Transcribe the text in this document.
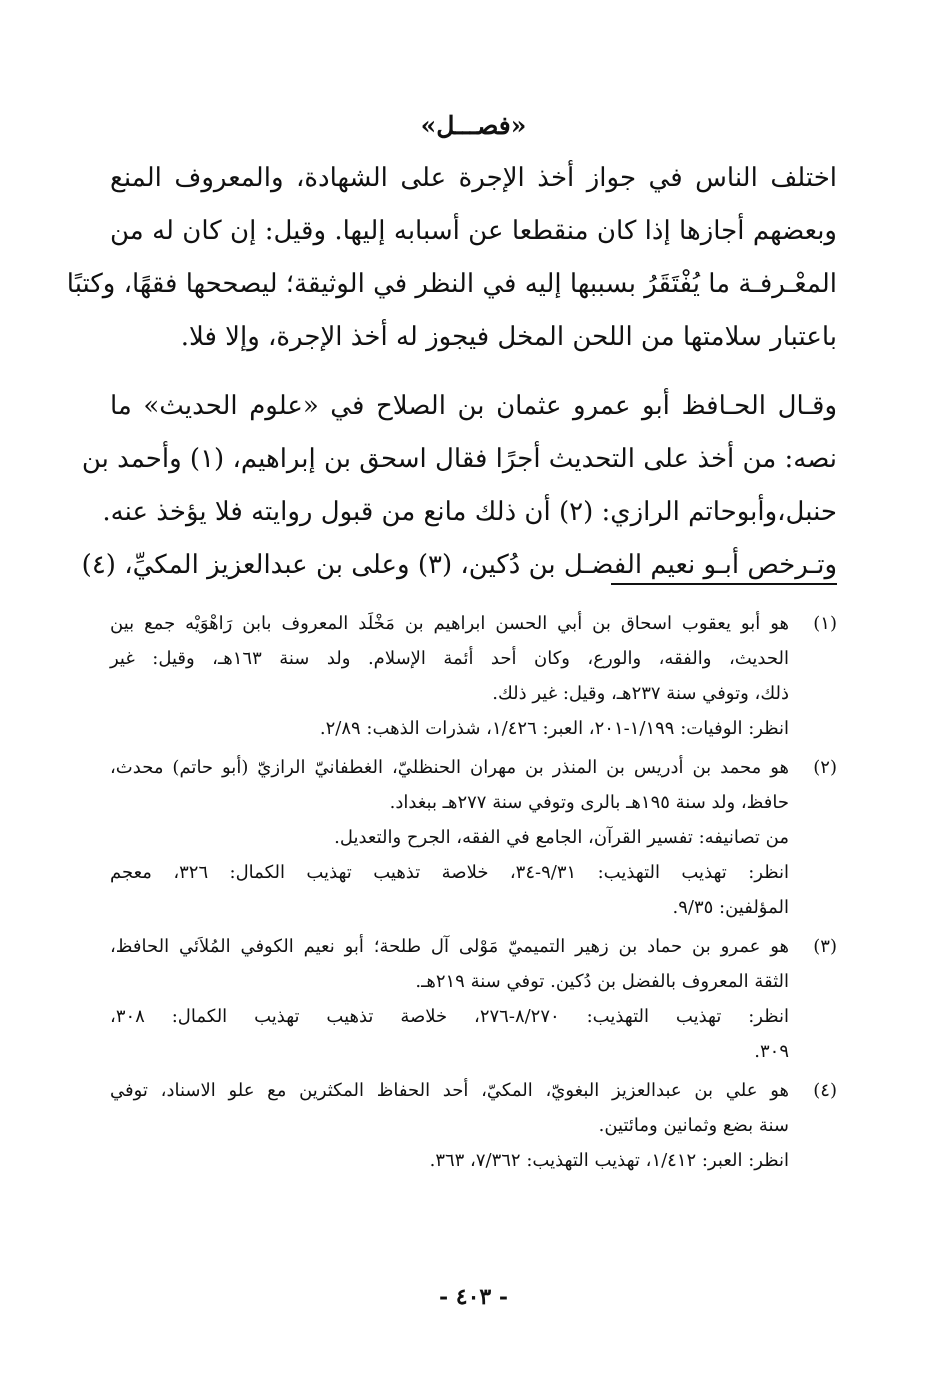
«فصـــل»
اختلف الناس في جواز أخذ الإجرة على الشهادة، والمعروف المنع
وبعضهم أجازها إذا كان منقطعا عن أسبابه إليها. وقيل: إن كان له من
المعْـرفـة ما يُفْتَقَرُ بسببها إليه في النظر في الوثيقة؛ ليصححها فقهًا، وكتبًا
باعتبار سلامتها من اللحن المخل فيجوز له أخذ الإجرة، وإلا فلا.
وقـال الحـافظ أبو عمرو عثمان بن الصلاح في «علوم الحديث» ما
نصه: من أخذ على التحديث أجرًا فقال اسحق بن إبراهيم، (١) وأحمد بن
حنبل،وأبوحاتم الرازي: (٢) أن ذلك مانع من قبول روايته فلا يؤخذ عنه.
وتـرخص أبـو نعيم الفضـل بن دُكين، (٣) وعلى بن عبدالعزيز المكيِّ، (٤)
(١)
هو أبو يعقوب اسحاق بن أبي الحسن ابراهيم بن مَخْلَد المعروف بابن رَاهْوَيْه جمع بين
الحديث، والفقه، والورع، وكان أحد أئمة الإسلام. ولد سنة ١٦٣هـ، وقيل: غير
ذلك، وتوفي سنة ٢٣٧هـ، وقيل: غير ذلك.
انظر: الوفيات: ١/١٩٩-٢٠١، العبر: ١/٤٢٦، شذرات الذهب: ٢/٨٩.
(٢)
هو محمد بن أدريس بن المنذر بن مهران الحنظليّ، الغطفانيّ الرازيّ (أبو حاتم) محدث،
حافظ، ولد سنة ١٩٥هـ بالرى وتوفي سنة ٢٧٧هـ ببغداد.
من تصانيفه: تفسير القرآن، الجامع في الفقه، الجرح والتعديل.
انظر: تهذيب التهذيب: ٩/٣١-٣٤، خلاصة تذهيب تهذيب الكمال: ٣٢٦، معجم
المؤلفين: ٩/٣٥.
(٣)
هو عمرو بن حماد بن زهير التميميّ مَوْلى آل طلحة؛ أبو نعيم الكوفي المُلاَئي الحافظ،
الثقة المعروف بالفضل بن دُكين. توفي سنة ٢١٩هـ.
انظر: تهذيب التهذيب: ٨/٢٧٠-٢٧٦، خلاصة تذهيب تهذيب الكمال: ٣٠٨،
٣٠٩.
(٤)
هو علي بن عبدالعزيز البغويّ، المكيّ، أحد الحفاظ المكثرين مع علو الاسناد، توفي
سنة بضع وثمانين ومائتين.
انظر: العبر: ١/٤١٢، تهذيب التهذيب: ٧/٣٦٢، ٣٦٣.
- ٤٠٣ -
